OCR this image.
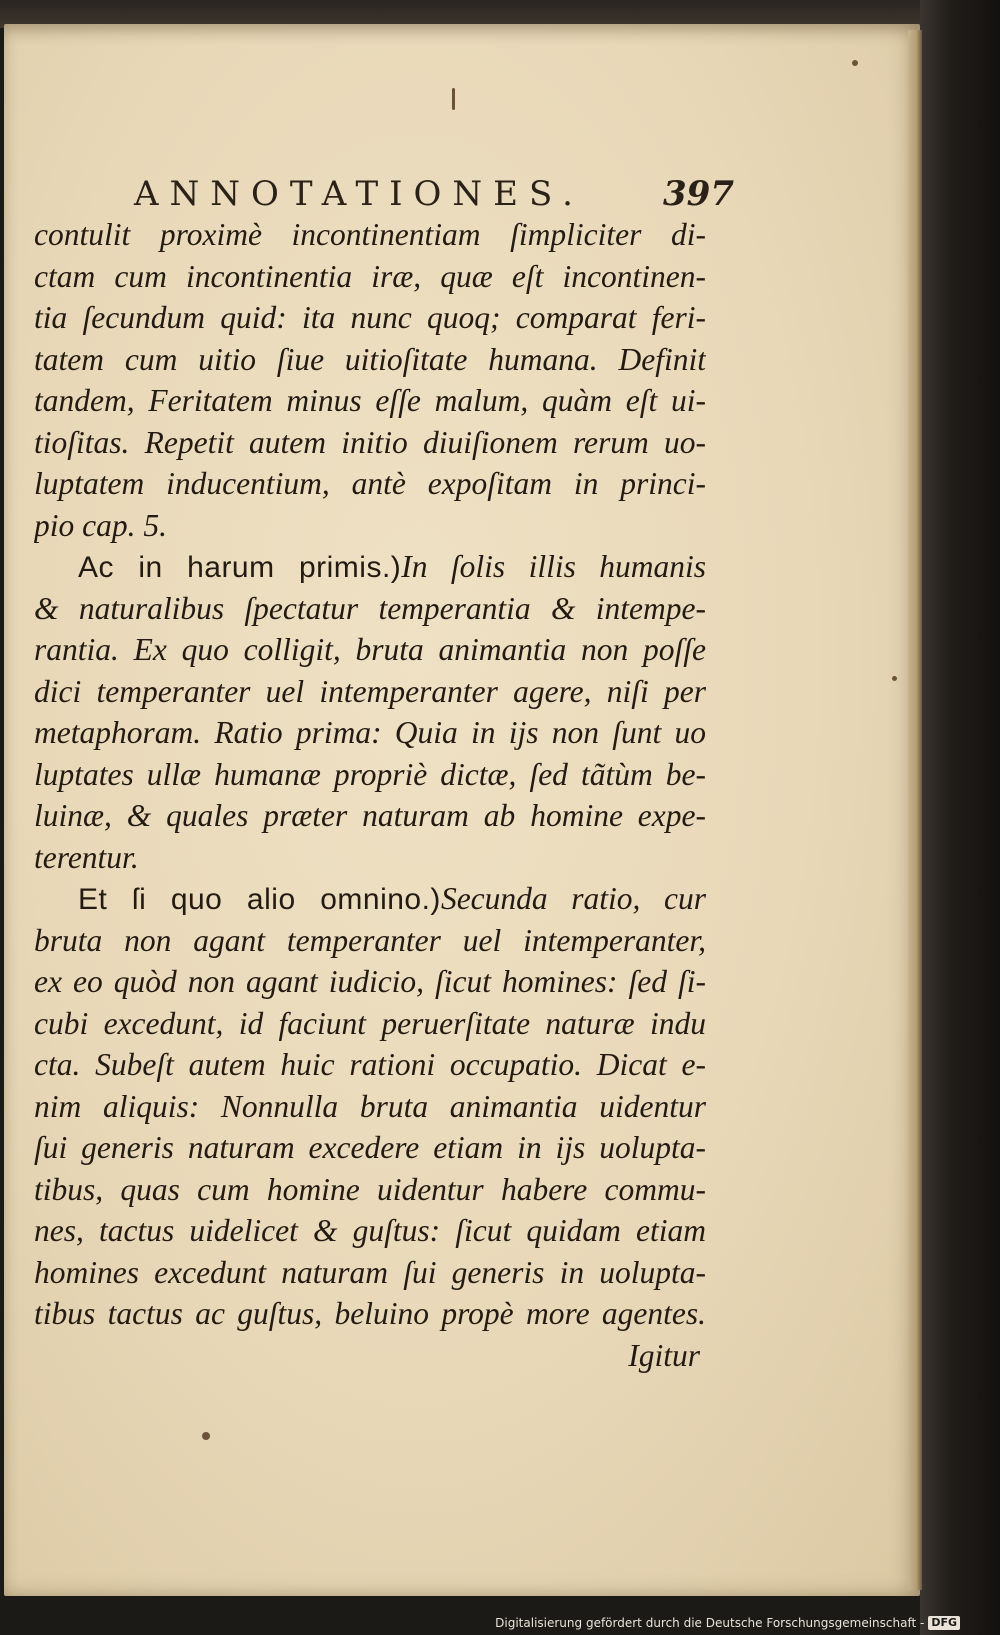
ANNOTATIONES. 397
contulit proximè incontinentiam ſimpliciter di-
ctam cum incontinentia iræ, quæ eſt incontinen-
tia ſecundum quid: ita nunc quoq; comparat feri-
tatem cum uitio ſiue uitioſitate humana. Definit
tandem, Feritatem minus eſſe malum, quàm eſt ui-
tioſitas. Repetit autem initio diuiſionem rerum uo-
luptatem inducentium, antè expoſitam in princi-
pio cap. 5.
Ac in harum primis.)In ſolis illis humanis
& naturalibus ſpectatur temperantia & intempe-
rantia. Ex quo colligit, bruta animantia non poſſe
dici temperanter uel intemperanter agere, niſi per
metaphoram. Ratio prima: Quia in ijs non ſunt uo
luptates ullæ humanæ propriè dictæ, ſed tãtùm be-
luinæ, & quales præter naturam ab homine expe-
terentur.
Et ſi quo alio omnino.)Secunda ratio, cur
bruta non agant temperanter uel intemperanter,
ex eo quòd non agant iudicio, ſicut homines: ſed ſi-
cubi excedunt, id faciunt peruerſitate naturæ indu
cta. Subeſt autem huic rationi occupatio. Dicat e-
nim aliquis: Nonnulla bruta animantia uidentur
ſui generis naturam excedere etiam in ijs uolupta-
tibus, quas cum homine uidentur habere commu-
nes, tactus uidelicet & guſtus: ſicut quidam etiam
homines excedunt naturam ſui generis in uolupta-
tibus tactus ac guſtus, beluino propè more agentes.
Igitur
Digitalisierung gefördert durch die Deutsche Forschungsgemeinschaft - DFG
